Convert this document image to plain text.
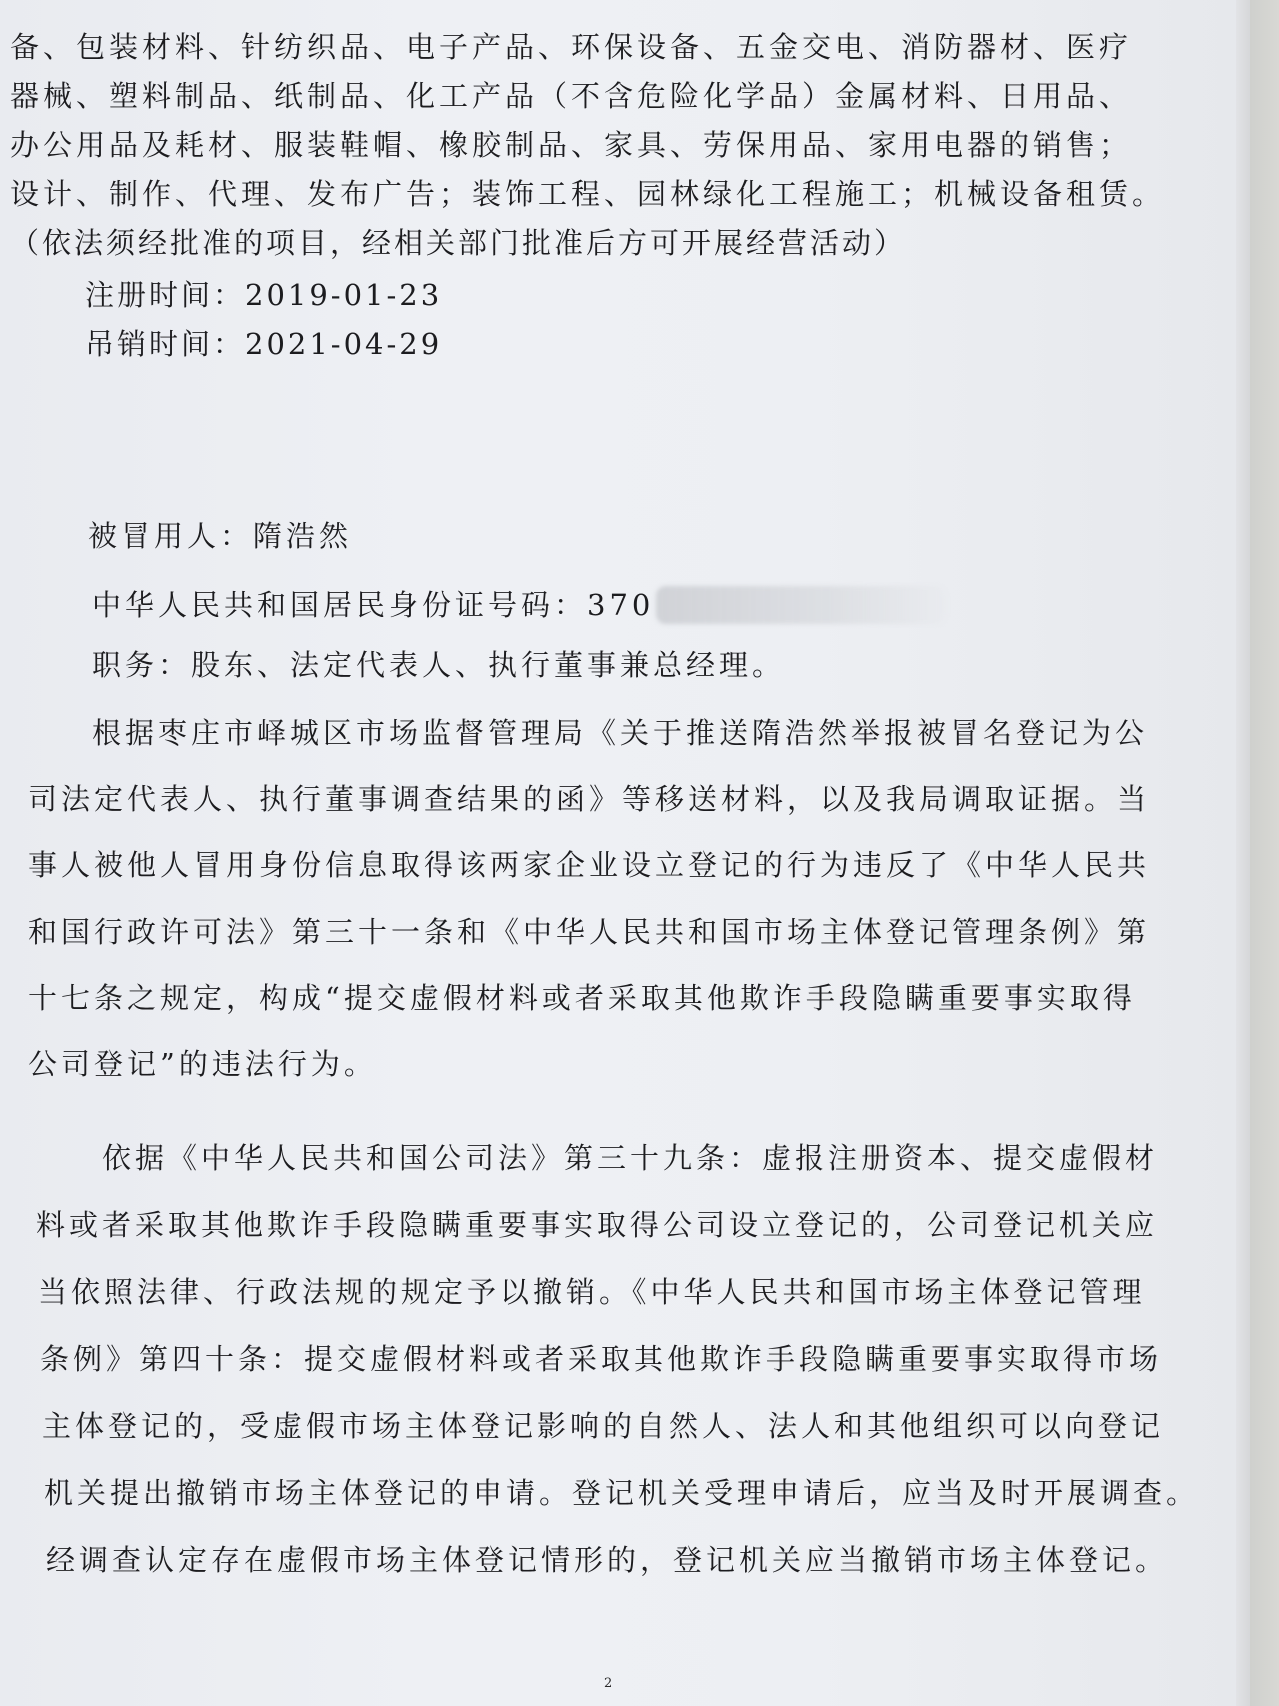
备、包装材料、针纺织品、电子产品、环保设备、五金交电、消防器材、医疗
器械、塑料制品、纸制品、化工产品（不含危险化学品）金属材料、日用品、
办公用品及耗材、服装鞋帽、橡胶制品、家具、劳保用品、家用电器的销售；
设计、制作、代理、发布广告；装饰工程、园林绿化工程施工；机械设备租赁。
（依法须经批准的项目，经相关部门批准后方可开展经营活动）
注册时间：2019-01-23
吊销时间：2021-04-29
被冒用人：隋浩然
中华人民共和国居民身份证号码： 370
职务：股东、法定代表人、执行董事兼总经理。
根据枣庄市峄城区市场监督管理局《关于推送隋浩然举报被冒名登记为公
司法定代表人、执行董事调查结果的函》等移送材料，以及我局调取证据。当
事人被他人冒用身份信息取得该两家企业设立登记的行为违反了《中华人民共
和国行政许可法》第三十一条和《中华人民共和国市场主体登记管理条例》第
十七条之规定，构成“提交虚假材料或者采取其他欺诈手段隐瞒重要事实取得
公司登记”的违法行为。
依据《中华人民共和国公司法》第三十九条：虚报注册资本、提交虚假材
料或者采取其他欺诈手段隐瞒重要事实取得公司设立登记的，公司登记机关应
当依照法律、行政法规的规定予以撤销。《中华人民共和国市场主体登记管理
条例》第四十条：提交虚假材料或者采取其他欺诈手段隐瞒重要事实取得市场
主体登记的，受虚假市场主体登记影响的自然人、法人和其他组织可以向登记
机关提出撤销市场主体登记的申请。登记机关受理申请后，应当及时开展调查。
经调查认定存在虚假市场主体登记情形的，登记机关应当撤销市场主体登记。
2
